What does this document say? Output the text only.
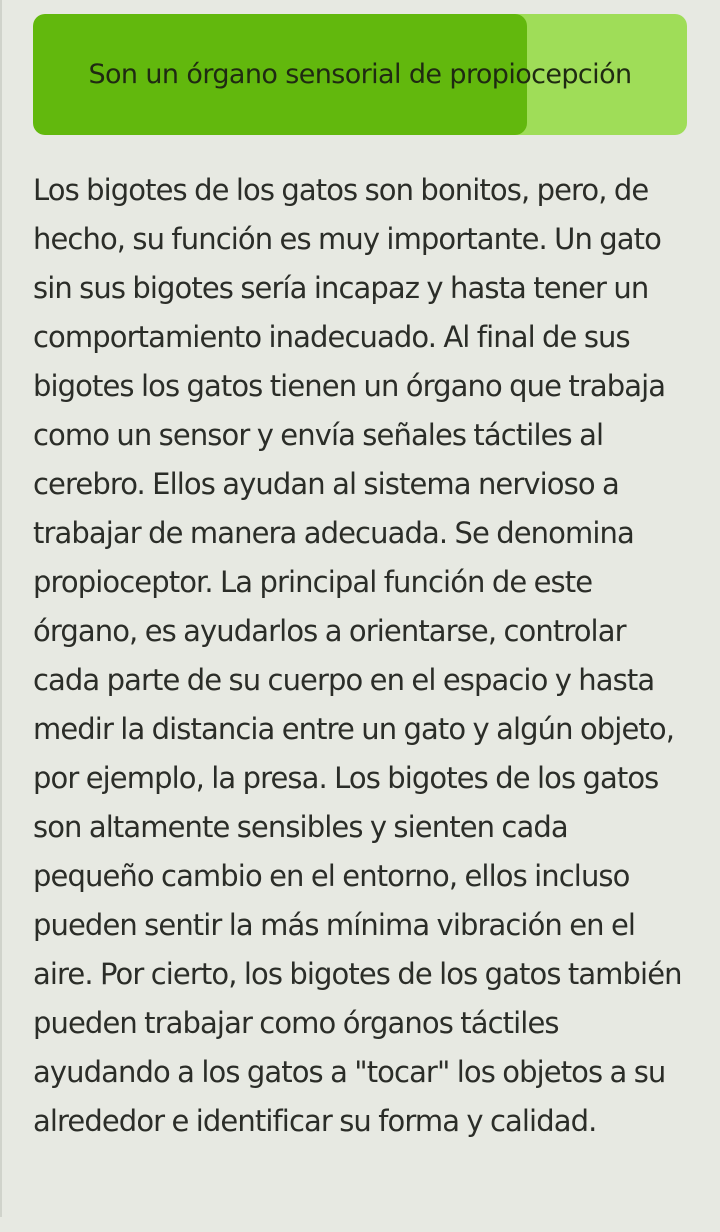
Son un órgano sensorial de propiocepción

Los bigotes de los gatos son bonitos, pero, de hecho, su función es muy importante. Un gato sin sus bigotes sería incapaz y hasta tener un comportamiento inadecuado. Al final de sus bigotes los gatos tienen un órgano que trabaja como un sensor y envía señales táctiles al cerebro. Ellos ayudan al sistema nervioso a trabajar de manera adecuada. Se denomina propioceptor. La principal función de este órgano, es ayudarlos a orientarse, controlar cada parte de su cuerpo en el espacio y hasta medir la distancia entre un gato y algún objeto, por ejemplo, la presa. Los bigotes de los gatos son altamente sensibles y sienten cada pequeño cambio en el entorno, ellos incluso pueden sentir la más mínima vibración en el aire. Por cierto, los bigotes de los gatos también pueden trabajar como órganos táctiles ayudando a los gatos a "tocar" los objetos a su alrededor e identificar su forma y calidad.
